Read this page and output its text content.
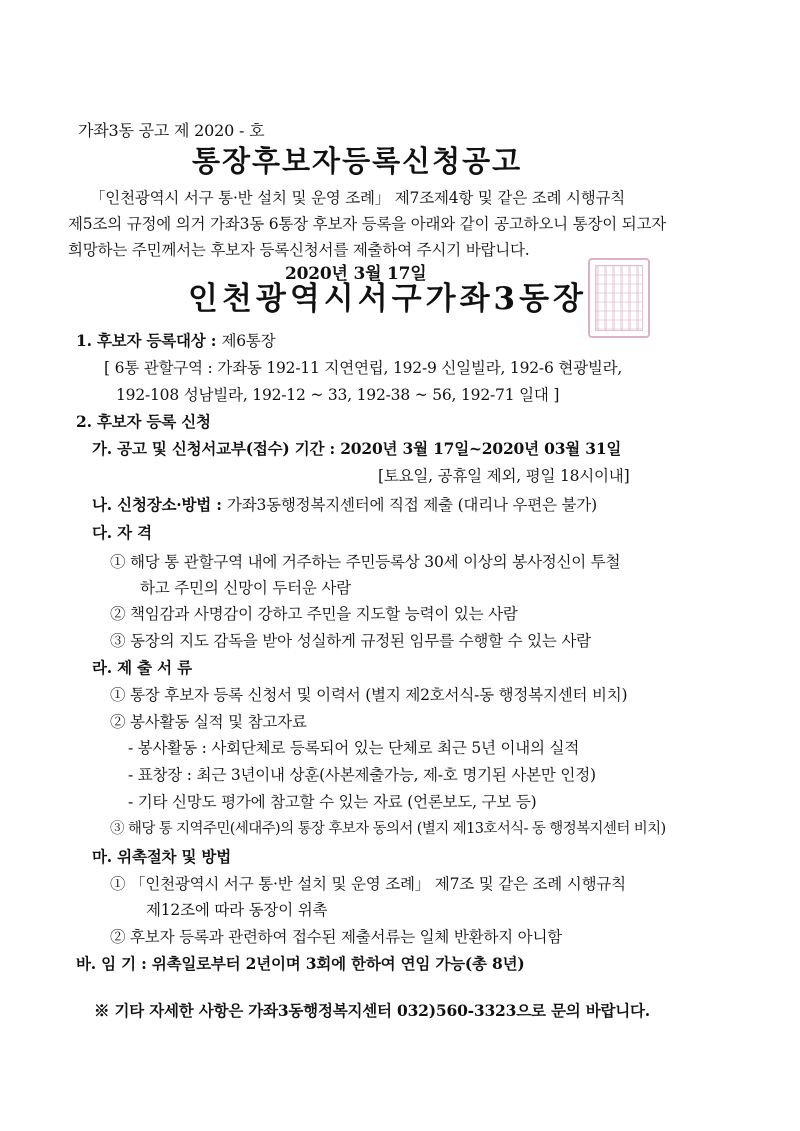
가좌3동 공고 제 2020 - 호
통장후보자등록신청공고
「인천광역시 서구 통·반 설치 및 운영 조례」 제7조제4항 및 같은 조례 시행규칙
제5조의 규정에 의거 가좌3동 6통장 후보자 등록을 아래와 같이 공고하오니 통장이 되고자
희망하는 주민께서는 후보자 등록신청서를 제출하여 주시기 바랍니다.
2020년 3월 17일
인천광역시서구가좌3동장
1. 후보자 등록대상 : 제6통장
[ 6통 관할구역 : 가좌동 192-11 지연연립, 192-9 신일빌라, 192-6 현광빌라,
192-108 성남빌라, 192-12 ~ 33, 192-38 ~ 56, 192-71 일대 ]
2. 후보자 등록 신청
가. 공고 및 신청서교부(접수) 기간 : 2020년 3월 17일~2020년 03월 31일
[토요일, 공휴일 제외, 평일 18시이내]
나. 신청장소·방법 : 가좌3동행정복지센터에 직접 제출 (대리나 우편은 불가)
다. 자 격
① 해당 통 관할구역 내에 거주하는 주민등록상 30세 이상의 봉사정신이 투철
하고 주민의 신망이 두터운 사람
② 책임감과 사명감이 강하고 주민을 지도할 능력이 있는 사람
③ 동장의 지도 감독을 받아 성실하게 규정된 임무를 수행할 수 있는 사람
라. 제 출 서 류
① 통장 후보자 등록 신청서 및 이력서 (별지 제2호서식-동 행정복지센터 비치)
② 봉사활동 실적 및 참고자료
- 봉사활동 : 사회단체로 등록되어 있는 단체로 최근 5년 이내의 실적
- 표창장 : 최근 3년이내 상훈(사본제출가능, 제-호 명기된 사본만 인정)
- 기타 신망도 평가에 참고할 수 있는 자료 (언론보도, 구보 등)
③ 해당 통 지역주민(세대주)의 통장 후보자 동의서 (별지 제13호서식- 동 행정복지센터 비치)
마. 위촉절차 및 방법
① 「인천광역시 서구 통·반 설치 및 운영 조례」 제7조 및 같은 조례 시행규칙
제12조에 따라 동장이 위촉
② 후보자 등록과 관련하여 접수된 제출서류는 일체 반환하지 아니함
바. 임 기 : 위촉일로부터 2년이며 3회에 한하여 연임 가능(총 8년)
※ 기타 자세한 사항은 가좌3동행정복지센터 032)560-3323으로 문의 바랍니다.
